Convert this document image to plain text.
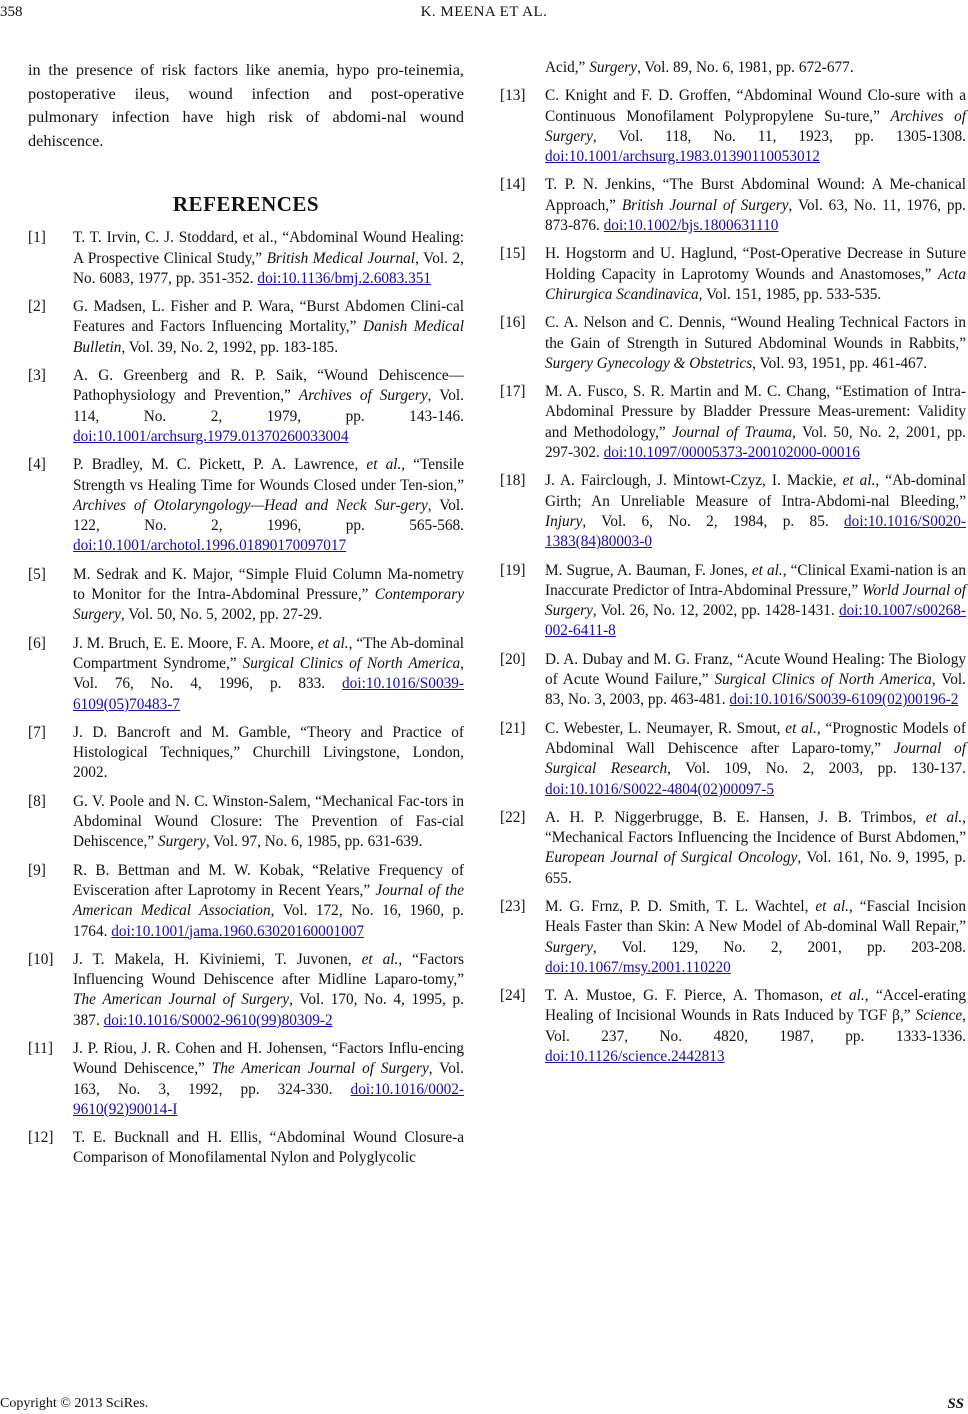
358	K. MEENA ET AL.

in the presence of risk factors like anemia, hypo pro-teinemia, postoperative ileus, wound infection and post-operative pulmonary infection have high risk of abdomi-nal wound dehiscence.

REFERENCES
[1]	T. T. Irvin, C. J. Stoddard, et al., “Abdominal Wound Healing: A Prospective Clinical Study,” British Medical Journal, Vol. 2, No. 6083, 1977, pp. 351-352. doi:10.1136/bmj.2.6083.351
[2]	G. Madsen, L. Fisher and P. Wara, “Burst Abdomen Clini-cal Features and Factors Influencing Mortality,” Danish Medical Bulletin, Vol. 39, No. 2, 1992, pp. 183-185.
[3]	A. G. Greenberg and R. P. Saik, “Wound Dehiscence—Pathophysiology and Prevention,” Archives of Surgery, Vol. 114, No. 2, 1979, pp. 143-146. doi:10.1001/archsurg.1979.01370260033004
[4]	P. Bradley, M. C. Pickett, P. A. Lawrence, et al., “Tensile Strength vs Healing Time for Wounds Closed under Ten-sion,” Archives of Otolaryngology—Head and Neck Sur-gery, Vol. 122, No. 2, 1996, pp. 565-568. doi:10.1001/archotol.1996.01890170097017
[5]	M. Sedrak and K. Major, “Simple Fluid Column Ma-nometry to Monitor for the Intra-Abdominal Pressure,” Contemporary Surgery, Vol. 50, No. 5, 2002, pp. 27-29.
[6]	J. M. Bruch, E. E. Moore, F. A. Moore, et al., “The Ab-dominal Compartment Syndrome,” Surgical Clinics of North America, Vol. 76, No. 4, 1996, p. 833. doi:10.1016/S0039-6109(05)70483-7
[7]	J. D. Bancroft and M. Gamble, “Theory and Practice of Histological Techniques,” Churchill Livingstone, London, 2002.
[8]	G. V. Poole and N. C. Winston-Salem, “Mechanical Fac-tors in Abdominal Wound Closure: The Prevention of Fas-cial Dehiscence,” Surgery, Vol. 97, No. 6, 1985, pp. 631-639.
[9]	R. B. Bettman and M. W. Kobak, “Relative Frequency of Evisceration after Laprotomy in Recent Years,” Journal of the American Medical Association, Vol. 172, No. 16, 1960, p. 1764. doi:10.1001/jama.1960.63020160001007
[10]	J. T. Makela, H. Kiviniemi, T. Juvonen, et al., “Factors Influencing Wound Dehiscence after Midline Laparo-tomy,” The American Journal of Surgery, Vol. 170, No. 4, 1995, p. 387. doi:10.1016/S0002-9610(99)80309-2
[11]	J. P. Riou, J. R. Cohen and H. Johensen, “Factors Influ-encing Wound Dehiscence,” The American Journal of Surgery, Vol. 163, No. 3, 1992, pp. 324-330. doi:10.1016/0002-9610(92)90014-I
[12]	T. E. Bucknall and H. Ellis, “Abdominal Wound Closure-a Comparison of Monofilamental Nylon and Polyglycolic
Acid,” Surgery, Vol. 89, No. 6, 1981, pp. 672-677.
[13]	C. Knight and F. D. Groffen, “Abdominal Wound Clo-sure with a Continuous Monofilament Polypropylene Su-ture,” Archives of Surgery, Vol. 118, No. 11, 1923, pp. 1305-1308. doi:10.1001/archsurg.1983.01390110053012
[14]	T. P. N. Jenkins, “The Burst Abdominal Wound: A Me-chanical Approach,” British Journal of Surgery, Vol. 63, No. 11, 1976, pp. 873-876. doi:10.1002/bjs.1800631110
[15]	H. Hogstorm and U. Haglund, “Post-Operative Decrease in Suture Holding Capacity in Laprotomy Wounds and Anastomoses,” Acta Chirurgica Scandinavica, Vol. 151, 1985, pp. 533-535.
[16]	C. A. Nelson and C. Dennis, “Wound Healing Technical Factors in the Gain of Strength in Sutured Abdominal Wounds in Rabbits,” Surgery Gynecology & Obstetrics, Vol. 93, 1951, pp. 461-467.
[17]	M. A. Fusco, S. R. Martin and M. C. Chang, “Estimation of Intra-Abdominal Pressure by Bladder Pressure Meas-urement: Validity and Methodology,” Journal of Trauma, Vol. 50, No. 2, 2001, pp. 297-302. doi:10.1097/00005373-200102000-00016
[18]	J. A. Fairclough, J. Mintowt-Czyz, I. Mackie, et al., “Ab-dominal Girth; An Unreliable Measure of Intra-Abdomi-nal Bleeding,” Injury, Vol. 6, No. 2, 1984, p. 85. doi:10.1016/S0020-1383(84)80003-0
[19]	M. Sugrue, A. Bauman, F. Jones, et al., “Clinical Exami-nation is an Inaccurate Predictor of Intra-Abdominal Pressure,” World Journal of Surgery, Vol. 26, No. 12, 2002, pp. 1428-1431. doi:10.1007/s00268-002-6411-8
[20]	D. A. Dubay and M. G. Franz, “Acute Wound Healing: The Biology of Acute Wound Failure,” Surgical Clinics of North America, Vol. 83, No. 3, 2003, pp. 463-481. doi:10.1016/S0039-6109(02)00196-2
[21]	C. Webester, L. Neumayer, R. Smout, et al., “Prognostic Models of Abdominal Wall Dehiscence after Laparo-tomy,” Journal of Surgical Research, Vol. 109, No. 2, 2003, pp. 130-137. doi:10.1016/S0022-4804(02)00097-5
[22]	A. H. P. Niggerbrugge, B. E. Hansen, J. B. Trimbos, et al., “Mechanical Factors Influencing the Incidence of Burst Abdomen,” European Journal of Surgical Oncology, Vol. 161, No. 9, 1995, p. 655.
[23]	M. G. Frnz, P. D. Smith, T. L. Wachtel, et al., “Fascial Incision Heals Faster than Skin: A New Model of Ab-dominal Wall Repair,” Surgery, Vol. 129, No. 2, 2001, pp. 203-208. doi:10.1067/msy.2001.110220
[24]	T. A. Mustoe, G. F. Pierce, A. Thomason, et al., “Accel-erating Healing of Incisional Wounds in Rats Induced by TGF β,” Science, Vol. 237, No. 4820, 1987, pp. 1333-1336. doi:10.1126/science.2442813
Copyright © 2013 SciRes.	SS
